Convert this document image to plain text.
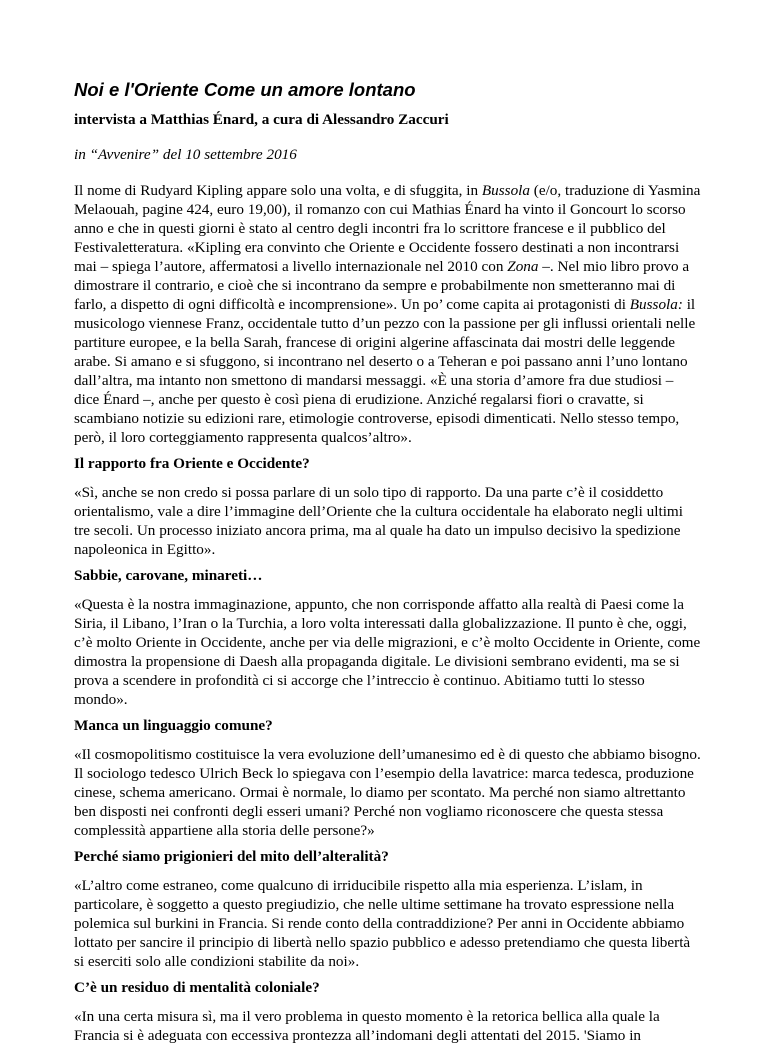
Noi e l'Oriente Come un amore lontano
intervista a Matthias Énard, a cura di Alessandro Zaccuri
in “Avvenire” del 10 settembre 2016

Il nome di Rudyard Kipling appare solo una volta, e di sfuggita, in Bussola (e/o, traduzione di Yasmina Melaouah, pagine 424, euro 19,00), il romanzo con cui Mathias Énard ha vinto il Goncourt lo scorso anno e che in questi giorni è stato al centro degli incontri fra lo scrittore francese e il pubblico del Festivaletteratura. «Kipling era convinto che Oriente e Occidente fossero destinati a non incontrarsi mai – spiega l’autore, affermatosi a livello internazionale nel 2010 con Zona –. Nel mio libro provo a dimostrare il contrario, e cioè che si incontrano da sempre e probabilmente non smetteranno mai di farlo, a dispetto di ogni difficoltà e incomprensione». Un po’ come capita ai protagonisti di Bussola: il musicologo viennese Franz, occidentale tutto d’un pezzo con la passione per gli influssi orientali nelle partiture europee, e la bella Sarah, francese di origini algerine affascinata dai mostri delle leggende arabe. Si amano e si sfuggono, si incontrano nel deserto o a Teheran e poi passano anni l’uno lontano dall’altra, ma intanto non smettono di mandarsi messaggi. «È una storia d’amore fra due studiosi – dice Énard –, anche per questo è così piena di erudizione. Anziché regalarsi fiori o cravatte, si scambiano notizie su edizioni rare, etimologie controverse, episodi dimenticati. Nello stesso tempo, però, il loro corteggiamento rappresenta qualcos’altro».

Il rapporto fra Oriente e Occidente?

«Sì, anche se non credo si possa parlare di un solo tipo di rapporto. Da una parte c’è il cosiddetto orientalismo, vale a dire l’immagine dell’Oriente che la cultura occidentale ha elaborato negli ultimi tre secoli. Un processo iniziato ancora prima, ma al quale ha dato un impulso decisivo la spedizione napoleonica in Egitto».

Sabbie, carovane, minareti…

«Questa è la nostra immaginazione, appunto, che non corrisponde affatto alla realtà di Paesi come la Siria, il Libano, l’Iran o la Turchia, a loro volta interessati dalla globalizzazione. Il punto è che, oggi, c’è molto Oriente in Occidente, anche per via delle migrazioni, e c’è molto Occidente in Oriente, come dimostra la propensione di Daesh alla propaganda digitale. Le divisioni sembrano evidenti, ma se si prova a scendere in profondità ci si accorge che l’intreccio è continuo. Abitiamo tutti lo stesso mondo».

Manca un linguaggio comune?

«Il cosmopolitismo costituisce la vera evoluzione dell’umanesimo ed è di questo che abbiamo bisogno. Il sociologo tedesco Ulrich Beck lo spiegava con l’esempio della lavatrice: marca tedesca, produzione cinese, schema americano. Ormai è normale, lo diamo per scontato. Ma perché non siamo altrettanto ben disposti nei confronti degli esseri umani? Perché non vogliamo riconoscere che questa stessa complessità appartiene alla storia delle persone?»

Perché siamo prigionieri del mito dell’alteralità?

«L’altro come estraneo, come qualcuno di irriducibile rispetto alla mia esperienza. L’islam, in particolare, è soggetto a questo pregiudizio, che nelle ultime settimane ha trovato espressione nella polemica sul burkini in Francia. Si rende conto della contraddizione? Per anni in Occidente abbiamo lottato per sancire il principio di libertà nello spazio pubblico e adesso pretendiamo che questa libertà si eserciti solo alle condizioni stabilite da noi».

C’è un residuo di mentalità coloniale?

«In una certa misura sì, ma il vero problema in questo momento è la retorica bellica alla quale la Francia si è adeguata con eccessiva prontezza all’indomani degli attentati del 2015. 'Siamo in
